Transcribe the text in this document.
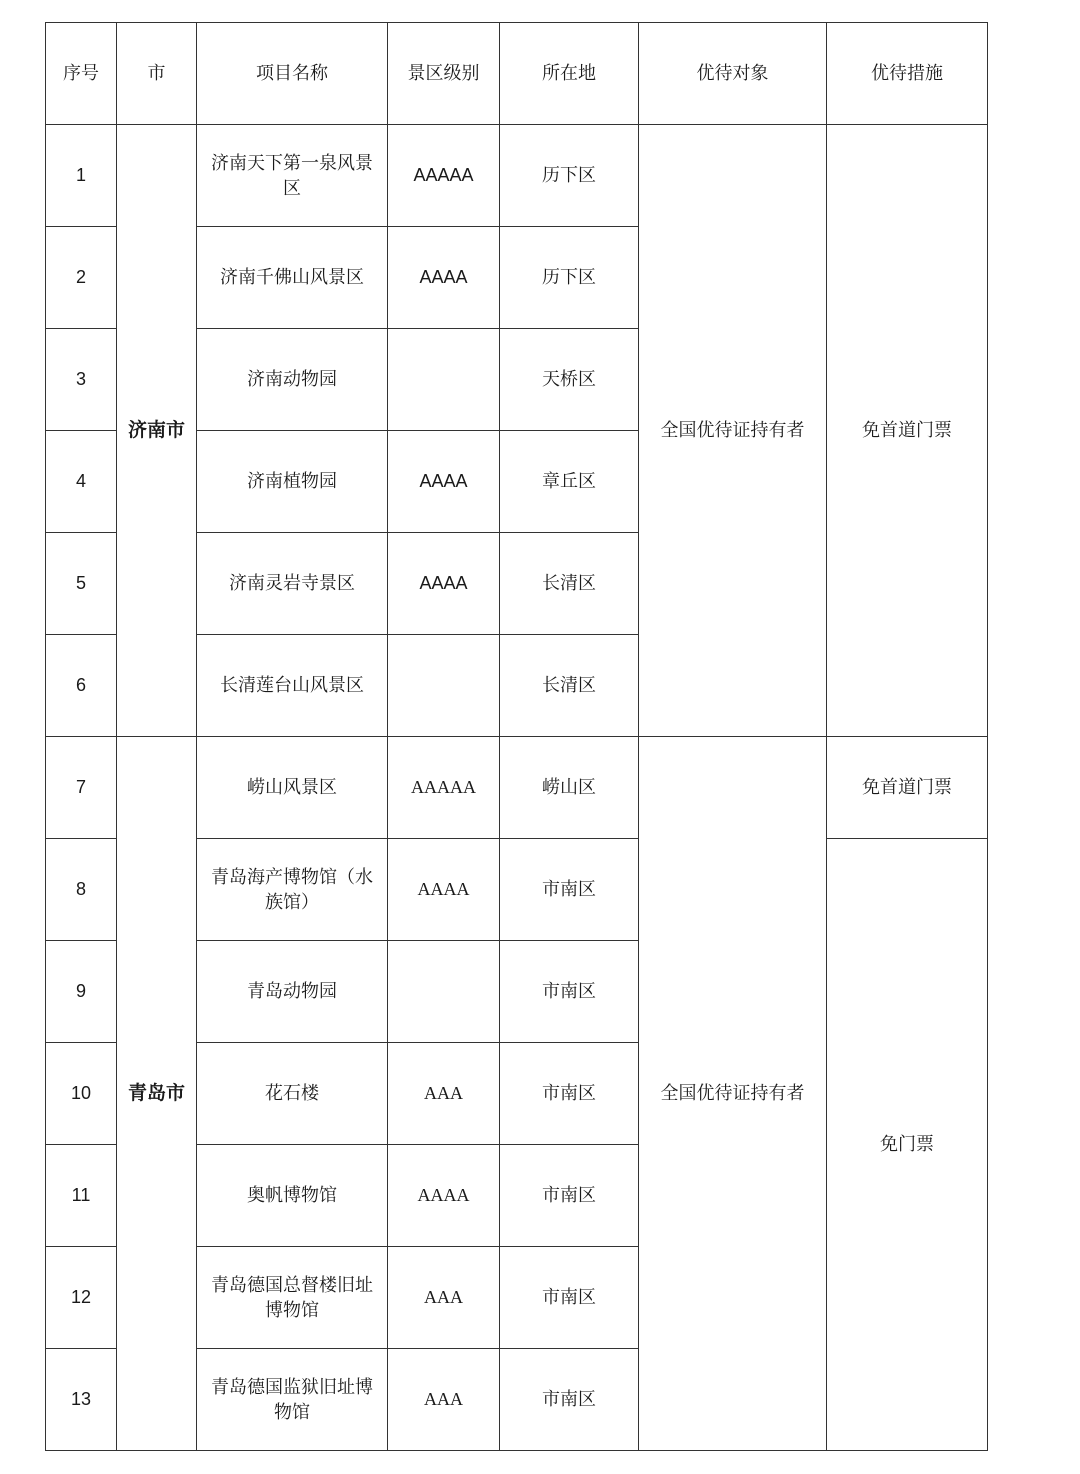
序号	市	项目名称	景区级别	所在地	优待对象	优待措施
1	济南市	济南天下第一泉风景区	AAAAA	历下区	全国优待证持有者	免首道门票
2		济南千佛山风景区	AAAA	历下区		
3		济南动物园		天桥区		
4		济南植物园	AAAA	章丘区		
5		济南灵岩寺景区	AAAA	长清区		
6		长清莲台山风景区		长清区		
7	青岛市	崂山风景区	AAAAA	崂山区	全国优待证持有者	免首道门票
8		青岛海产博物馆（水族馆）	AAAA	市南区		免门票
9		青岛动物园		市南区		
10		花石楼	AAA	市南区		
11		奥帆博物馆	AAAA	市南区		
12		青岛德国总督楼旧址博物馆	AAA	市南区		
13		青岛德国监狱旧址博物馆	AAA	市南区		
